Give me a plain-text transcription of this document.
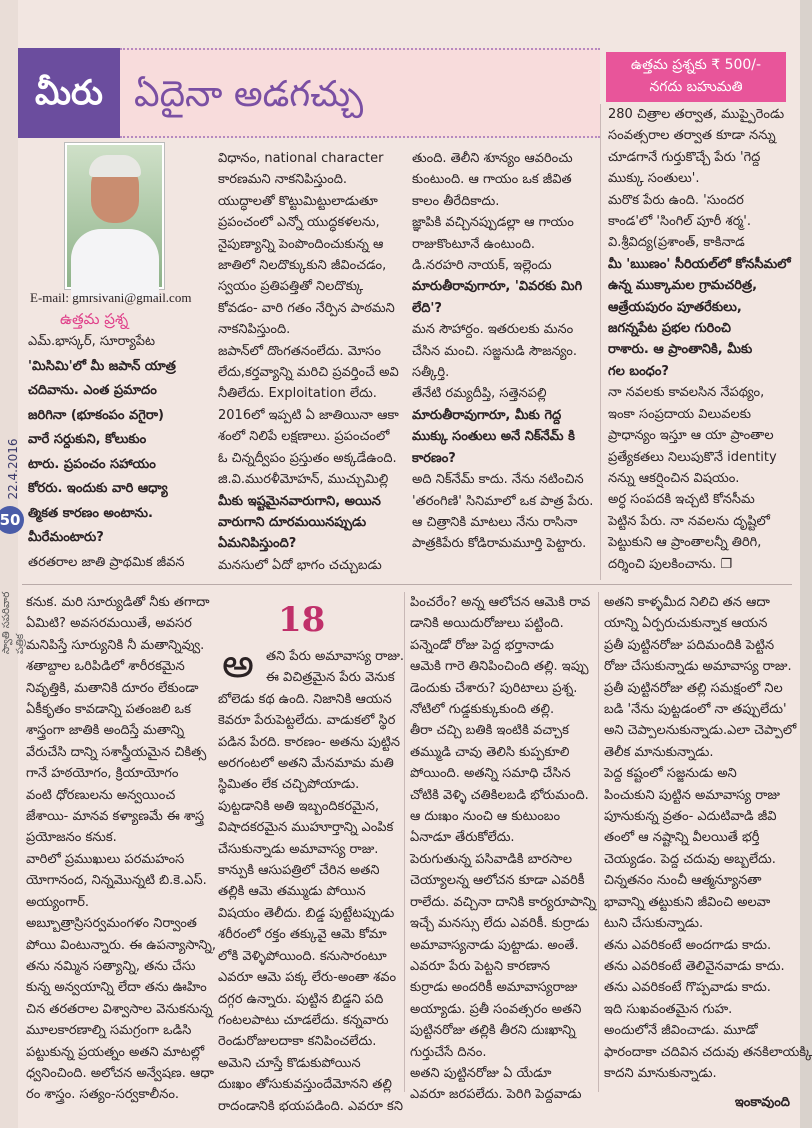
22.4.2016
50
స్వాతి సపరివార పత్రిక
మీరు ఏదైనా అడగచ్చు
ఉత్తమ ప్రశ్నకు ₹ 500/-
నగదు బహుమతి
E-mail: gmrsivani@gmail.com
ఉత్తమ ప్రశ్న
ఎమ్.భాస్కర్, సూర్యాపేట
'మిసిమి'లో మీ జపాన్ యాత్ర
చదివాను. ఎంత ప్రమాదం
జరిగినా (భూకంపం వగైరా)
వారే సర్దుకుని, కోలుకుం
టారు. ప్రపంచం సహాయం
కోరరు. ఇందుకు వారి ఆధ్యా
త్మికత కారణం అంటాను.
మీరేమంటారు?
తరతరాల జాతి ప్రాథమిక జీవన
విధానం, national character
కారణమని నాకనిపిస్తుంది.
యుద్ధాలతో కొట్టుమిట్టులాడుతూ
ప్రపంచంలో ఎన్నో యుద్ధకళలను,
నైపుణ్యాన్ని పెంపొందించుకున్న ఆ
జాతిలో నిలదొక్కుకుని జీవించడం,
స్వయం ప్రతిపత్తితో నిలదొక్కు
కోవడం- వారి గతం నేర్పిన పాఠమని
నాకనిపిస్తుంది.
జపాన్‌లో దొంగతనంలేదు. మోసం
లేదు,కర్తవ్యాన్ని మరిచి ప్రవర్తించే అవి
నీతిలేదు. Exploitation లేదు.
2016లో ఇప్పటి ఏ జాతియినా ఆకా
శంలో నిలిపే లక్షణాలు. ప్రపంచంలో
ఓ చిన్నద్వీపం ప్రస్తుతం అక్కడేఉంది.
జి.వి.మురళీమోహన్, ముచ్చుమిల్లి
మీకు ఇష్టమైనవారుగాని, అయిన
వారుగాని దూరమయినప్పుడు
ఏమనిపిస్తుంది?
మనసులో ఏదో భాగం చచ్చుబడు
తుంది. తెలీని శూన్యం ఆవరించు
కుంటుంది. ఆ గాయం ఒక జీవిత
కాలం తీరేదికాదు.
జ్ఞాపికి వచ్చినప్పుడల్లా ఆ గాయం
రాజుకొంటూనే ఉంటుంది.
డి.నరహరి నాయక్, ఇల్లెందు
మారుతీరావుగారూ, 'వివరకు మిగి
లేది'?
మన సౌహార్దం. ఇతరులకు మనం
చేసిన మంచి. సజ్జనుడి సౌజన్యం.
సత్కీర్తి.
తేనేటి రమ్యదీప్తి, సత్తెనపల్లి
మారుతీరావుగారూ, మీకు గెద్ద
ముక్కు సంతులు అనే నిక్‌నేమ్ కి
కారణం?
అది నిక్‌నేమ్ కాదు. నేను నటించిన
'తరంగిణి' సినిమాలో ఒక పాత్ర పేరు.
ఆ చిత్రానికి మాటలు నేను రాసినా
పాత్రకిపేరు కోడిరామమూర్తి పెట్టారు.
280 చిత్రాల తర్వాత, ముప్పైరెండు
సంవత్సరాల తర్వాత కూడా నన్ను
చూడగానే గుర్తుకొచ్చే పేరు 'గెద్ద
ముక్కు సంతులు'.
మరొక పేరు ఉంది. 'సుందర
కాండ'లో 'సింగిల్ పూరీ శర్మ'.
వి.శ్రీవిద్య(ప్రశాంత్, కాకినాడ
మీ 'ఋణం' సీరియల్‌లో కోనసీమలో
ఉన్న ముక్కామల గ్రామచరిత్ర,
ఆత్రేయపురం పూతరేకులు,
జగన్నపేట ప్రభల గురించి
రాశారు. ఆ ప్రాంతానికి, మీకు
గల బంధం?
నా నవలకు కావలసిన నేపథ్యం,
ఇంకా సంప్రదాయ విలువలకు
ప్రాధాన్యం ఇస్తూ ఆ యా ప్రాంతాల
ప్రత్యేకతలు నిలుపుకొనే identity
నన్ను ఆకర్షించిన విషయం.
అర్ధ సంపదకి ఇచ్చటి కోనసీమ
పెట్టిన పేరు. నా నవలను దృష్టిలో
పెట్టుకుని ఆ ప్రాంతాలన్నీ తిరిగి,
దర్శించి పులకించాను. ❐
18
అ
కనుక. మరి సూర్యుడితో నీకు తగాదా
ఏమిటి? అవసరమయితే, అవసర
మనిపిస్తే సూర్యునికి నీ మతాన్నివ్వు.
శతాబ్దాల ఒరిపిడిలో శారీరకమైన
నివృత్తికి, మతానికి దూరం లేకుండా
ఏకీకృతం కావడాన్ని పతంజలి ఒక
శాస్త్రంగా జాతికి అందిస్తే మతాన్ని
వేరుచేసి దాన్ని సశాస్త్రీయమైన చికిత్స
గానే హఠయోగం, క్రియాయోగం
వంటి ధోరణులను అన్వయించ
జేశాయి- మానవ కళ్యాణమే ఈ శాస్త్ర
ప్రయోజనం కనుక.
వారిలో ప్రముఖులు పరమహంస
యోగానంద, నిన్నమొన్నటి బి.కె.ఎస్.
అయ్యంగార్.
అబ్బూత్రాస్రిసర్వమంగళం నిర్వాంత
పోయి వింటున్నారు. ఈ ఉపన్యాసాన్ని,
తను నమ్మిన సత్యాన్ని, తను చేసు
కున్న అన్వయాన్ని లేదా తను ఊహిం
చిన తరతరాల విశ్వాసాల వెనుకనున్న
మూలకారణాల్ని సమగ్రంగా ఒడిసి
పట్టుకున్న ప్రయత్నం అతని మాటల్లో
ధ్వనించింది. అలోచన అన్వేషణ. ఆధా
రం శాస్త్రం. సత్యం-సర్వకాలీనం.
తని పేరు అమావాస్య రాజు.
ఈ విచిత్రమైన పేరు వెనుక
బోలెడు కథ ఉంది. నిజానికి ఆయన
కెవరూ పేరుపెట్టలేదు. వాడుకలో స్థిర
పడిన పేరది. కారణం- అతను పుట్టిన
అరగంటలో అతని మేనమామ మతి
స్థిమితం లేక చచ్చిపోయాడు.
పుట్టడానికి అతి ఇబ్బందికరమైన,
విషాదకరమైన ముహూర్తాన్ని ఎంపిక
చేసుకున్నాడు అమావాస్య రాజు.
కాన్పుకి ఆసుపత్రిలో చేరిన అతని
తల్లికి ఆమె తమ్ముడు పోయిన
విషయం తెలీదు. బిడ్డ పుట్టేటప్పుడు
శరీరంలో రక్తం తక్కువై ఆమె కోమా
లోకి వెళ్ళిపోయింది. కనుసారంటూ
ఎవరూ ఆమె పక్క లేరు-అంతా శవం
దగ్గర ఉన్నారు. పుట్టిన బిడ్డని పది
గంటలపాటు చూడలేదు. కన్నవారు
రెండురోజులదాకా కనిపించలేదు.
అమెని చూస్తే కొడుకుపోయిన
దుఃఖం తోసుకువస్తుందేమోనని తల్లి
రాదండానికి భయపడింది. ఎవరూ కని
పించరేం? అన్న ఆలోచన ఆమెకి రావ
డానికి అయిదురోజులు పట్టింది.
పన్నెండో రోజు పెద్ద భర్తానాడు
ఆమెకి గారె తినిపించింది తల్లి. ఇప్పు
డెందుకు చేశారు? పురిటాలు ప్రశ్న.
నోటిలో గుడ్డకుక్కుకుంది తల్లి.
తీరా చచ్చి బతికి ఇంటికి వచ్చాక
తమ్ముడి చావు తెలిసి కుప్పకూలి
పోయింది. అతన్ని సమాధి చేసిన
చోటికి వెళ్ళి చతికిలబడి భోరుమంది.
ఆ దుఃఖం నుంచి ఆ కుటుంబం
ఏనాడూ తేరుకోలేదు.
పెరుగుతున్న పసివాడికి బారసాల
చెయ్యాలన్న ఆలోచన కూడా ఎవరికీ
రాలేదు. వచ్చినా దానికి కార్యరూపాన్ని
ఇచ్చే మనస్సు లేదు ఎవరికీ. కుర్రాడు
అమావాస్యనాడు పుట్టాడు. అంతే.
ఎవరూ పేరు పెట్టని కారణాన
కుర్రాడు అందరికీ అమావాస్యరాజు
అయ్యాడు. ప్రతీ సంవత్సరం అతని
పుట్టినరోజు తల్లికి తీరని దుఃఖాన్ని
గుర్తుచేసే దినం.
అతని పుట్టినరోజు ఏ యేడూ
ఎవరూ జరపలేదు. పెరిగి పెద్దవాడు
అతని కాళ్ళమీద నిలిచి తన ఆదా
యాన్ని ఏర్పరుచుకున్నాక ఆయన
ప్రతీ పుట్టినరోజు పదిమందికి పెట్టిన
రోజు చేసుకున్నాడు అమావాస్య రాజు.
ప్రతీ పుట్టినరోజు తల్లి సమక్షంలో నిల
బడి 'నేను పుట్టడంలో నా తప్పులేదు'
అని చెప్పాలనుకున్నాడు.ఎలా చెప్పాలో
తెలీక మానుకున్నాడు.
పెద్ద కష్టంలో సజ్జనుడు అని
పించుకుని పుట్టిన అమావాస్య రాజు
పూనుకున్న వ్రతం- ఎదుటివాడి జీవి
తంలో ఆ నష్టాన్ని వీలయితే భర్తీ
చెయ్యడం. పెద్ద చదువు అబ్బలేదు.
చిన్నతనం నుంచీ ఆత్మన్యూనతా
భావాన్ని తట్టుకుని జీవించి అలవా
టుని చేసుకున్నాడు.
తను ఎవరికంటే అందగాడు కాదు.
తను ఎవరికంటే తెలివైనవాడు కాదు.
తను ఎవరికంటే గొప్పవాడు కాదు.
ఇది సుఖవంతమైన గుహ.
అందులోనే జీవించాడు. మూడో
ఫారందాకా చదివిన చదువు తనకిలాయక్కి
కాదని మానుకున్నాడు.
ఇంకావుంది
